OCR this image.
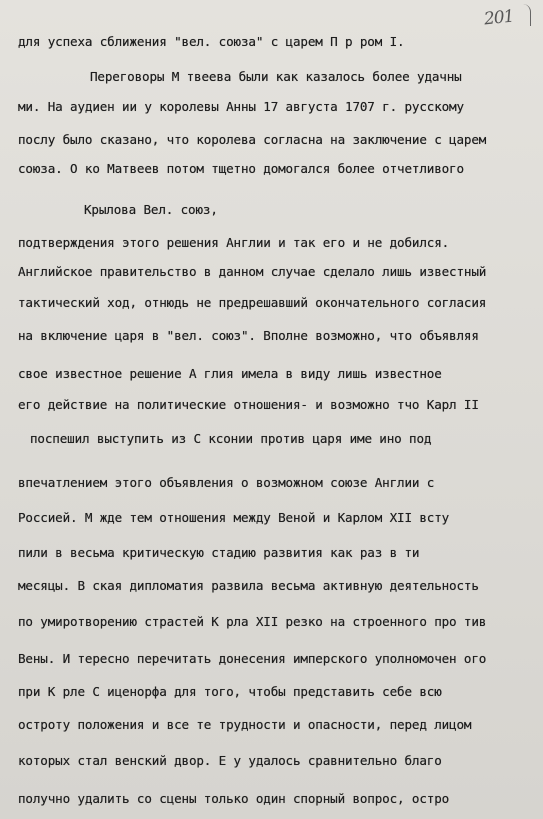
201
для успеха сближения "вел. союза" с царем П р ром I.
Переговоры М твеева были как казалось более удачны
ми. На аудиен ии у королевы Анны 17 августа 1707 г. русскому
послу было сказано, что королева согласна на заключение с царем
союза. О ко Матвеев потом тщетно домогался более отчетливого
Крылова Вел. союз,
подтверждения этого решения Англии и так его и не добился.
Английское правительство в данном случае сделало лишь известный
тактический ход, отнюдь не предрешавший окончательного согласия
на включение царя в "вел. союз". Вполне возможно, что объявляя
свое известное решение А глия имела в виду лишь известное
его действие на политические отношения- и возможно тчо Карл II
поспешил выступить из С ксонии против царя име ино под
впечатлением этого объявления о возможном союзе Англии с
Россией. М жде тем отношения между Веной и Карлом XII всту
пили в весьма критическую стадию развития как раз в ти
месяцы. В ская дипломатия развила весьма активную деятельность
по умиротворению страстей К рла XII резко на строенного про тив
Вены. И тересно перечитать донесения имперского уполномочен ого
при К рле С иценорфа для того, чтобы представить себе всю
остроту положения и все те трудности и опасности, перед лицом
которых стал венский двор. Е у удалось сравнительно благо
получно удалить со сцены только один спорный вопрос, остро
